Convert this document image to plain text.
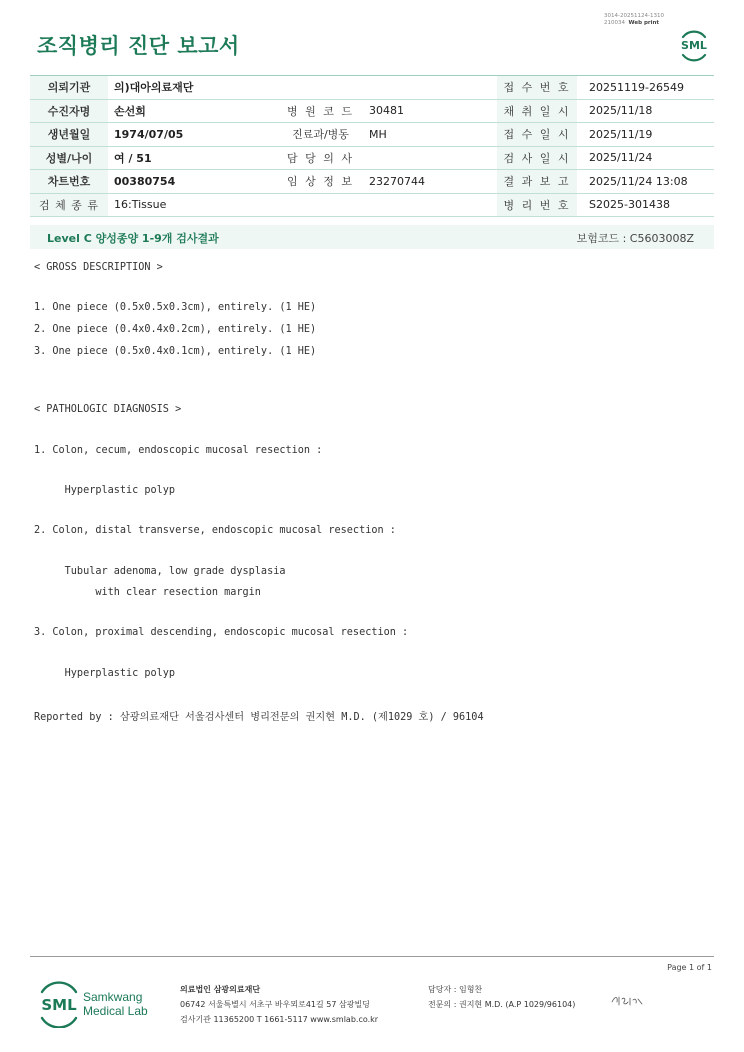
3014-20251124-1310
210034 Web print
조직병리 진단 보고서	SML
의뢰기관	의)대아의료재단			접 수 번 호	20251119-26549
수진자명	손선희	병 원 코 드	30481	채 취 일 시	2025/11/18
생년월일	1974/07/05	진료과/병동	MH	접 수 일 시	2025/11/19
성별/나이	여 / 51	담 당 의 사		검 사 일 시	2025/11/24
차트번호	00380754	임 상 정 보	23270744	결 과 보 고	2025/11/24 13:08
검 체 종 류	16:Tissue			병 리 번 호	S2025-301438
Level C 양성종양 1-9개 검사결과	보험코드 : C5603008Z
< GROSS DESCRIPTION >
1. One piece (0.5x0.5x0.3cm), entirely. (1 HE)
2. One piece (0.4x0.4x0.2cm), entirely. (1 HE)
3. One piece (0.5x0.4x0.1cm), entirely. (1 HE)
< PATHOLOGIC DIAGNOSIS >
1. Colon, cecum, endoscopic mucosal resection :
Hyperplastic polyp
2. Colon, distal transverse, endoscopic mucosal resection :
Tubular adenoma, low grade dysplasia
with clear resection margin
3. Colon, proximal descending, endoscopic mucosal resection :
Hyperplastic polyp
Reported by : 삼광의료재단 서울검사센터 병리전문의 권지현 M.D. (제1029 호) / 96104
Page 1 of 1
SML Samkwang
Medical Lab
의료법인 삼광의료재단
06742 서울특별시 서초구 바우뫼로41길 57 삼광빌딩
검사기관 11365200 T 1661-5117 www.smlab.co.kr
담당자 : 임형찬
전문의 : 권지현 M.D. (A.P 1029/96104)
